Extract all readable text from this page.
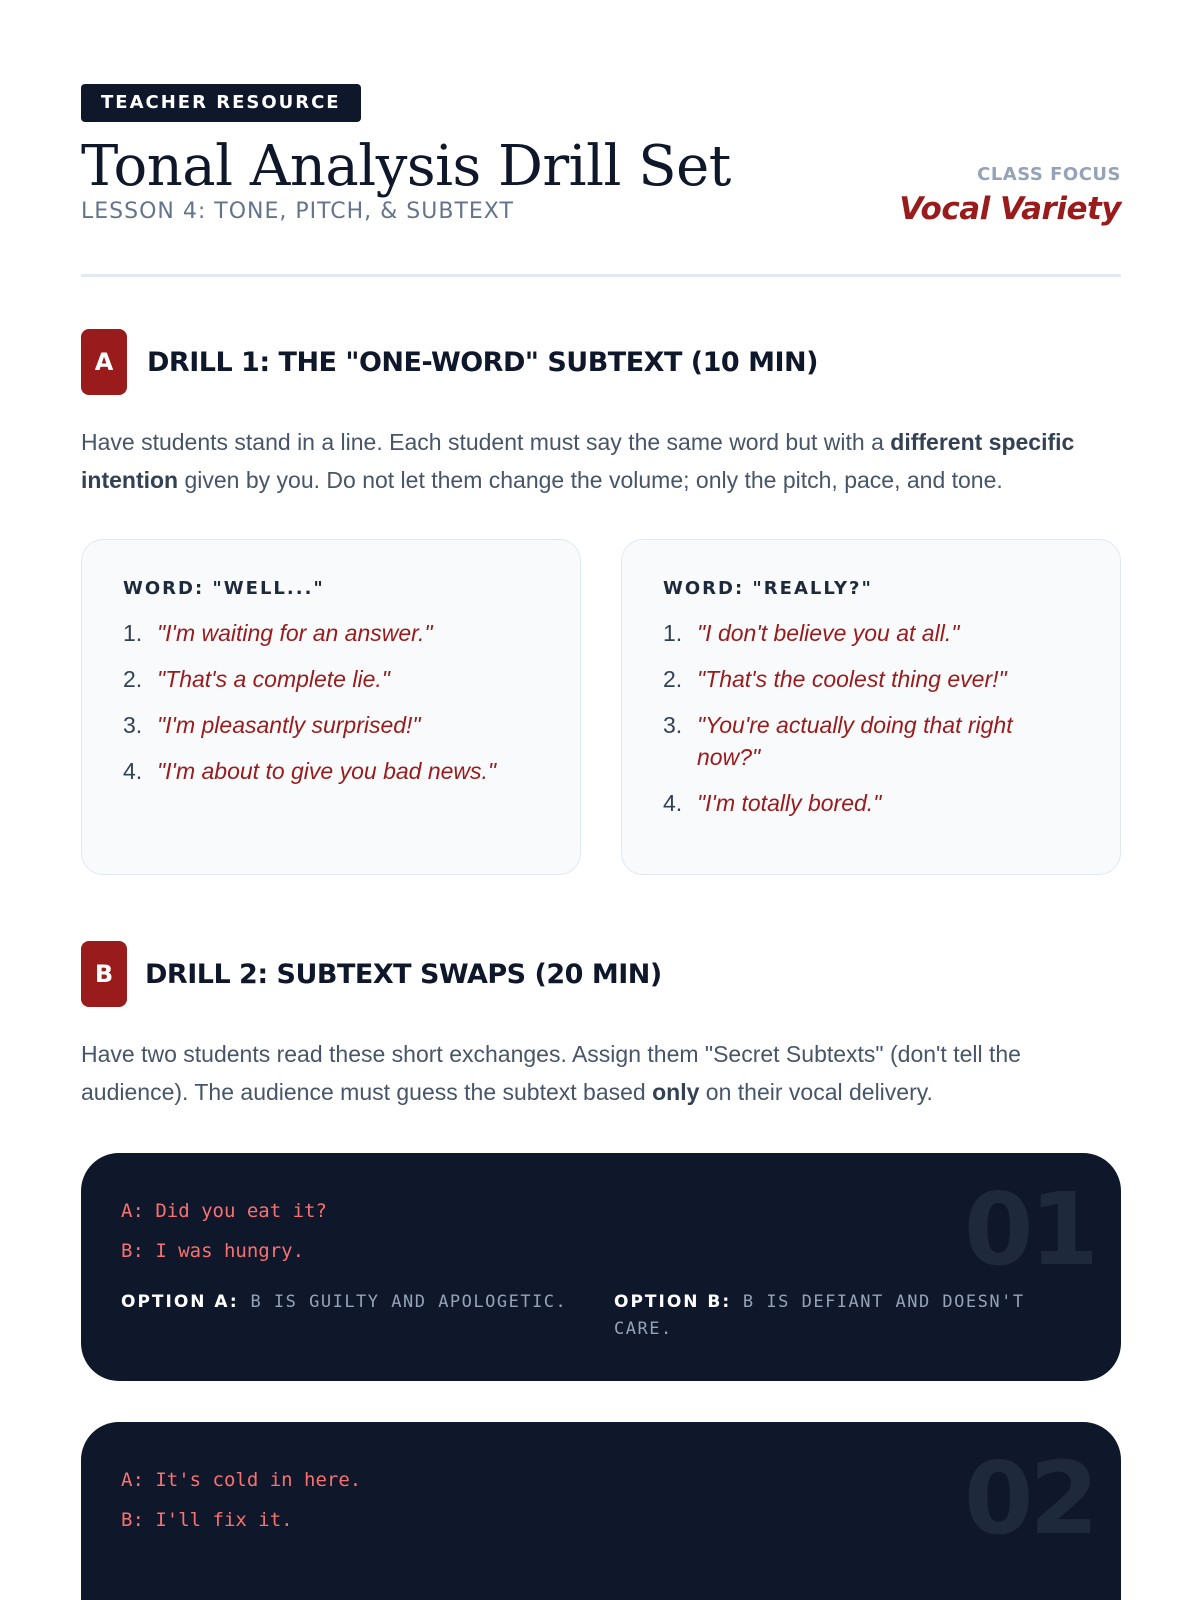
TEACHER RESOURCE
Tonal Analysis Drill Set
LESSON 4: TONE, PITCH, & SUBTEXT
CLASS FOCUS
Vocal Variety
A	DRILL 1: THE "ONE-WORD" SUBTEXT (10 MIN)

Have students stand in a line. Each student must say the same word but with a different specific intention given by you. Do not let them change the volume; only the pitch, pace, and tone.

WORD: "WELL..."
1. "I'm waiting for an answer."
2. "That's a complete lie."
3. "I'm pleasantly surprised!"
4. "I'm about to give you bad news."
WORD: "REALLY?"
1. "I don't believe you at all."
2. "That's the coolest thing ever!"
3. "You're actually doing that right now?"
4. "I'm totally bored."
B	DRILL 2: SUBTEXT SWAPS (20 MIN)

Have two students read these short exchanges. Assign them "Secret Subtexts" (don't tell the audience). The audience must guess the subtext based only on their vocal delivery.

01
A: Did you eat it?
B: I was hungry.
OPTION A: B IS GUILTY AND APOLOGETIC.	OPTION B: B IS DEFIANT AND DOESN'T CARE.
02
A: It's cold in here.
B: I'll fix it.
